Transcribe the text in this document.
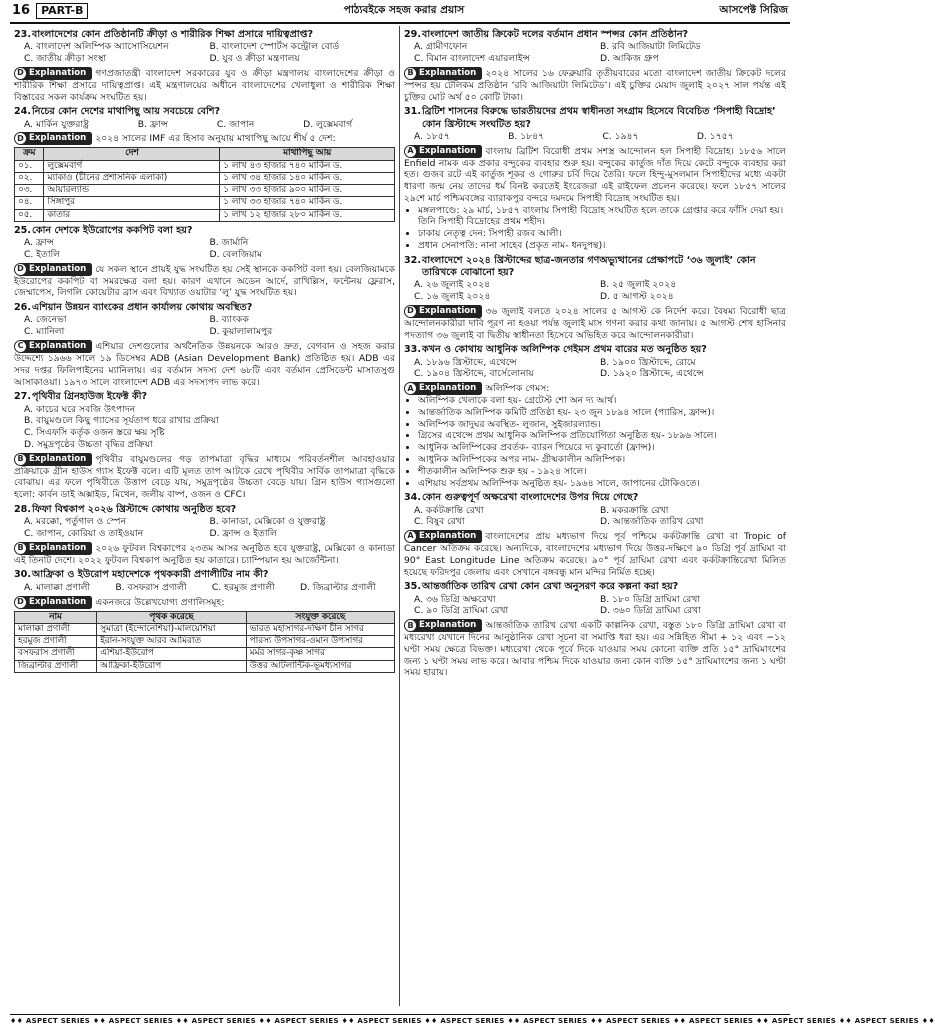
16	PART-B	পাঠ্যবইকে সহজ করার প্রয়াস	আসপেক্ট সিরিজ
23. বাংলাদেশের কোন প্রতিষ্ঠানটি ক্রীড়া ও শারীরিক শিক্ষা প্রসারে দায়িত্বপ্রাপ্ত?
A. বাংলাদেশ অলিম্পিক অ্যাসোসিয়েশন	B. বাংলাদেশ স্পোর্টস কন্ট্রোল বোর্ড
C. জাতীয় ক্রীড়া সংস্থা	D. যুব ও ক্রীড়া মন্ত্রণালয়
D Explanation গণপ্রজাতন্ত্রী বাংলাদেশ সরকারের যুব ও ক্রীড়া মন্ত্রণালয় বাংলাদেশের ক্রীড়া ও শারীরিক শিক্ষা প্রসারে দায়িত্বপ্রাপ্ত। এই মন্ত্রণালয়ের অধীনে বাংলাদেশের খেলাধুলা ও শারীরিক শিক্ষা বিস্তারের সকল কার্যক্রম সংঘটিত হয়।
24. নিচের কোন দেশের মাথাপিছু আয় সবচেয়ে বেশি?
A. মার্কিন যুক্তরাষ্ট্র	B. ফ্রান্স	C. জাপান	D. লুক্সেমবার্গ
D Explanation ২০২৪ সালের IMF এর হিসাব অনুযায় মাথাপিছু আয়ে শীর্ষ ৫ দেশ:
ক্রম	দেশ	মাথাপিছু আয়
০১.	লুক্সেমবার্গ	১ লাখ ৪৩ হাজার ৭৪০ মার্কিন ড.
০২.	ম্যাকাও (চীনের প্রশাসনিক এলাকা)	১ লাখ ৩৪ হাজার ১৪০ মার্কিন ড.
০৩.	আয়ারল্যান্ড	১ লাখ ৩৩ হাজার ৯০০ মার্কিন ড.
০৪.	সিঙ্গাপুর	১ লাখ ৩৩ হাজার ৭৪০ মার্কিন ড.
০৫.	কাতার	১ লাখ ১২ হাজার ২৮০ মার্কিন ড.
25. কোন দেশকে ইউরোপের ককপিট বলা হয়?
A. ফ্রান্স	B. জার্মানি
C. ইতালি	D. বেলজিয়াম
D Explanation যে সকল স্থানে প্রায়ই যুদ্ধ সংঘটিত হয় সেই স্থানকে ককপিট বলা হয়। বেলজিয়ামকে ইউরোপের ককপিট বা সমরক্ষেত্র বলা হয়। কারণ এখানে অডেন আর্দে, রাখিল্লিস, ফন্টেনয় ফ্লেরাস, জেম্মাপেস, লিগলি কোয়েটার ব্রাস এবং বিখ্যাত ওয়াটার ‘লু’ যুদ্ধ সংঘটিত হয়।
26. এশিয়ান উন্নয়ন ব্যাংকের প্রধান কার্যালয় কোথায় অবস্থিত?
A. জেনেভা	B. ব্যাংকক
C. ম্যানিলা	D. কুয়ালালামপুর
C Explanation এশিয়ার দেশগুলোর অর্থনৈতিক উন্নয়নকে আরও দ্রুত, বেগবান ও সহজ করার উদ্দেশ্যে ১৯৬৬ সালে ১৯ ডিসেম্বর ADB (Asian Development Bank) প্রতিষ্ঠিত হয়। ADB এর সদর দপ্তর ফিলিপাইনের ম্যানিলায়। এর বর্তমান সদস্য দেশ ৬৮টি এবং বর্তমান প্রেসিডেন্ট মাসাতসুগু আসাকাওয়া। ১৯৭৩ সালে বাংলাদেশ ADB এর সদস্যপদ লাভ করে।
27. পৃথিবীর গ্রিনহাউজ ইফেক্ট কী?
A. কাচের ঘরে সবজি উৎপাদন
B. বায়ুমণ্ডলে কিছু গ্যাসের সূর্যতাপ ধরে রাখার প্রক্রিয়া
C. সিএফসি কর্তৃক ওজন স্তরে ক্ষয় সৃষ্টি
D. সমুদ্রপৃষ্ঠের উচ্চতা বৃদ্ধির প্রক্রিয়া
B Explanation পৃথিবীর বায়ুমণ্ডলের গড় তাপমাত্রা বৃদ্ধির মাধ্যমে পরিবর্তনশীল আবহাওয়ার প্রক্রিয়াকে গ্রীন হাউস গ্যাস ইফেক্ট বলে। এটি মূলত তাপ আটকে রেখে পৃথিবীর সার্বিক তাপমাত্রা বৃদ্ধিকে বোঝায়। এর ফলে পৃথিবীতে উত্তাপ বেড়ে যায়, সমুদ্রপৃষ্ঠের উচ্চতা বেড়ে যায়। গ্রিন হাউস গ্যাসগুলো হলো: কার্বন ডাই অক্সাইড, মিথেন, জলীয় বাষ্প, ওজন ও CFC।
28. ফিফা বিশ্বকাপ ২০২৬ খ্রিস্টাব্দে কোথায় অনুষ্ঠিত হবে?
A. মরক্কো, পর্তুগাল ও স্পেন	B. কানাডা, মেক্সিকো ও যুক্তরাষ্ট্র
C. জাপান, কোরিয়া ও তাইওয়ান	D. ফ্রান্স ও ইতালি
B Explanation ২০২৬ ফুটবল বিশ্বকাপের ২৩তম আসর অনুষ্ঠিত হবে যুক্তরাষ্ট্র, মেক্সিকো ও কানাডা এই তিনটি দেশে। ২০২২ ফুটবল বিশ্বকাপ অনুষ্ঠিত হয় কাতারে। চ্যাম্পিয়ান হয় আর্জেন্টিনা।
30. আফ্রিকা ও ইউরোপ মহাদেশকে পৃথককারী প্রণালীটির নাম কী?
A. মালাক্কা প্রণালী	B. বসফরাস প্রণালী	C. হরমুজ প্রণালী	D. জিব্রাল্টার প্রণালী
D Explanation একনজরে উল্লেখযোগ্য প্রণালিসমূহ:
নাম	পৃথক করেছে	সংযুক্ত করেছে
মালাক্কা প্রণালী	সুমাত্রা (ইন্দোনেশিয়া)-মালয়েশিয়া	ভারত মহাসাগর-দক্ষিণ চীন সাগর
হরমুজ প্রণালী	ইরান-সংযুক্ত আরব আমিরাত	পারস্য উপসাগর-ওমান উপসাগর
বসফরাস প্রণালী	এশিয়া-ইউরোপ	মর্মর সাগর-কৃষ্ণ সাগর
জিব্রাল্টার প্রণালী	আফ্রিকা-ইউরোপ	উত্তর আটলান্টিক-ভূমধ্যসাগর
29. বাংলাদেশ জাতীয় ক্রিকেট দলের বর্তমান প্রধান স্পন্সর কোন প্রতিষ্ঠান?
A. গ্রামীণফোন	B. রবি আজিয়াটা লিমিটেড
C. বিমান বাংলাদেশ এয়ারলাইন্স	D. আকিজ গ্রুপ
B Explanation ২০২৪ সালের ১৬ ফেব্রুয়ারি তৃতীয়বারের মতো বাংলাদেশ জাতীয় ক্রিকেট দলের স্পন্সর হয় টেলিকম প্রতিষ্ঠান ‘রবি আজিয়াটা লিমিটেড’। এই চুক্তির মেয়াদ জুলাই ২০২৭ সাল পর্যন্ত এই চুক্তির মোট অর্থ ৫০ কোটি টাকা।
31. ব্রিটিশ শাসনের বিরুদ্ধে ভারতীয়দের প্রথম স্বাধীনতা সংগ্রাম হিসেবে বিবেচিত ‘সিপাহী বিদ্রোহ’ কোন খ্রিস্টাব্দে সংঘটিত হয়?
A. ১৮৫৭	B. ১৮৪৭	C. ১৯৪৭	D. ১৭৫৭
A Explanation বাংলায় ব্রিটিশ বিরোধী প্রথম সশস্ত্র আন্দোলন হল সিপাহী বিদ্রোহ। ১৮৫৬ সালে Enfield নামক এক প্রকার বন্দুকের ব্যবহার শুরু হয়। বন্দুকের কার্তুজ দাঁত দিয়ে কেটে বন্দুকে ব্যবহার করা হত। গুজব রটে এই কার্তুজ শূকর ও গোরুর চর্বি দিয়ে তৈরি। ফলে হিন্দু-মুসলমান সিপাহীদের মধ্যে একটা ধারণা জন্ম নেয় তাদের ধর্ম বিনষ্ট করতেই ইংরেজরা এই রাইফেল প্রচলন করেছে। ফলে ১৮৫৭ সালের ২৯শে মার্চ পশ্চিমবঙ্গের ব্যারাকপুর বন্দরে দমদমে সিপাহী বিদ্রোহ সংঘটিত হয়।
• মঙ্গলপাণ্ডে: ২৯ মার্চ, ১৮৫৭ বাংলায় সিপাহী বিদ্রোহ সংঘটিত হলে তাকে গ্রেপ্তার করে ফাঁসি দেয়া হয়। তিনি সিপাহী বিদ্রোহের প্রথম শহীদ।
• ঢাকায় নেতৃত্ব দেন: সিপাহী রজব আলী।
• প্রধান সেনাপতি: নানা সাহেব (প্রকৃত নাম- ধনদুপন্থ)।
32. বাংলাদেশে ২০২৪ খ্রিস্টাব্দের ছাত্র-জনতার গণঅভ্যুত্থানের প্রেক্ষাপটে ‘৩৬ জুলাই’ কোন তারিখকে বোঝানো হয়?
A. ২৬ জুলাই ২০২৪	B. ২৫ জুলাই ২০২৪
C. ১৬ জুলাই ২০২৪	D. ৫ আগস্ট ২০২৪
D Explanation ৩৬ জুলাই বলতে ২০২৪ সালের ৫ আগস্ট কে নির্দেশ করে। বৈষম্য বিরোধী ছাত্র আন্দোলনকারীরা দাবি পূরণ না হওয়া পর্যন্ত জুলাই মাস গণনা করার কথা জানায়। ৫ আগস্ট শেখ হাসিনার পদত্যাগ ৩৬ জুলাই বা দ্বিতীয় স্বাধীনতা হিসেবে অভিহিত করে আন্দোলনকারীরা।
33. কখন ও কোথায় আধুনিক অলিম্পিক গেইমস প্রথম বারের মত অনুষ্ঠিত হয়?
A. ১৮৯৬ খ্রিস্টাব্দে, এথেন্সে	B. ১৯০০ খ্রিস্টাব্দে, রোমে
C. ১৯০৪ খ্রিস্টাব্দে, বার্সেলোনায়	D. ১৯২০ খ্রিস্টাব্দে, এথেন্সে
A Explanation অলিম্পিক গেমস:
• অলিম্পিক খেলাকে বলা হয়- গ্রেটেস্ট শো অন দ্য আর্থ।
• আন্তর্জাতিক অলিম্পিক কমিটি প্রতিষ্ঠা হয়- ২৩ জুন ১৮৯৪ সালে (প্যারিস, ফ্রান্স)।
• অলিম্পিক জাদুঘর অবস্থিত- লুজান, সুইজারল্যান্ড।
• গ্রিসের এথেন্সে প্রথম আধুনিক অলিম্পিক প্রতিযোগিতা অনুষ্ঠিত হয়- ১৮৯৬ সালে।
• আধুনিক অলিম্পিকের প্রবর্তক- ব্যারন পিয়েরে দ্য কুবার্তো (ফ্রান্স)।
• আধুনিক অলিম্পিকের অপর নাম- গ্রীষ্মকালীন অলিম্পিক।
• শীতকালীন অলিম্পিক শুরু হয় - ১৯২৪ সালে।
• এশিয়ায় সর্বপ্রথম অলিম্পিক অনুষ্ঠিত হয়- ১৯৬৪ সালে, জাপানের টোকিওতে।
34. কোন গুরুত্বপূর্ণ অক্ষরেখা বাংলাদেশের উপর দিয়ে গেছে?
A. কর্কটক্রান্তি রেখা	B. মকরক্রান্তি রেখা
C. বিষুব রেখা	D. আন্তর্জাতিক তারিখ রেখা
A Explanation বাংলাদেশের প্রায় মধ্যভাগ দিয়ে পূর্ব পশ্চিমে কর্কটক্রান্তি রেখা বা Tropic of Cancer অতিক্রম করেছে। অন্যদিকে, বাংলাদেশের মধ্যভাগ দিয়ে উত্তর-দক্ষিণে ৯০ ডিগ্রি পূর্ব দ্রাঘিমা বা 90° East Longitude Line অতিক্রম করেছে। ৯০° পূর্ব দ্রাঘিমা রেখা এবং কর্কটক্রান্তিরেখা মিলিত হয়েছে ফরিদপুর জেলায় এবং সেখানে বঙ্গবন্ধু মান মন্দির নির্মিত হচ্ছে।
35. আন্তর্জাতিক তারিখ রেখা কোন রেখা অনুসরণ করে কল্পনা করা হয়?
A. ৩৬ ডিগ্রি অক্ষরেখা	B. ১৮০ ডিগ্রি দ্রাঘিমা রেখা
C. ৯০ ডিগ্রি দ্রাঘিমা রেখা	D. ৩৬০ ডিগ্রি দ্রাঘিমা রেখা
B Explanation আন্তর্জাতিক তারিখ রেখা একটি কাল্পনিক রেখা, বস্তুত ১৮০ ডিগ্রি দ্রাঘিমা রেখা বা মধ্যরেখা যেখানে দিনের আনুষ্ঠানিক রেখা সূচনা বা সমাপ্তি ধরা হয়। এর সন্নিহিত সীমা + ১২ এবং −১২ ঘণ্টা সময় ক্ষেত্রে বিভক্ত। মধ্যরেখা থেকে পূর্বে দিকে যাওয়ার সময় কোনো ব্যক্তি প্রতি ১৫° দ্রাঘিমাংশের জন্য ১ ঘণ্টা সময় লাভ করে। আবার পশ্চিম দিকে যাওয়ার জন্য কোন ব্যক্তি ১৫° দ্রাঘিমাংশের জন্য ১ ঘণ্টা সময় হারায়।
♦♦ ASPECT SERIES ♦♦ ASPECT SERIES ♦♦ ASPECT SERIES ♦♦ ASPECT SERIES ♦♦ ASPECT SERIES ♦♦ ASPECT SERIES ♦♦ ASPECT SERIES ♦♦ ASPECT SERIES ♦♦ ASPECT SERIES ♦♦ ASPECT SERIES ♦♦ ASPECT SERIES ♦♦
